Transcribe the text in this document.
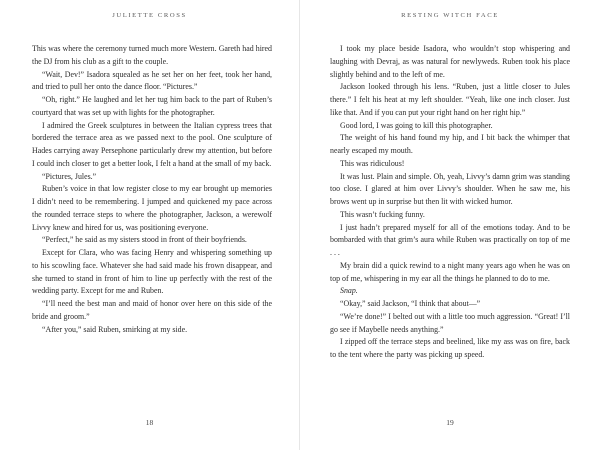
JULIETTE CROSS

This was where the ceremony turned much more Western. Gareth had hired the DJ from his club as a gift to the couple.

“Wait, Dev!” Isadora squealed as he set her on her feet, took her hand, and tried to pull her onto the dance floor. “Pictures.”

“Oh, right.” He laughed and let her tug him back to the part of Ruben’s courtyard that was set up with lights for the photographer.

I admired the Greek sculptures in between the Italian cypress trees that bordered the terrace area as we passed next to the pool. One sculpture of Hades carrying away Persephone particularly drew my attention, but before I could inch closer to get a better look, I felt a hand at the small of my back.

“Pictures, Jules.”

Ruben’s voice in that low register close to my ear brought up memories I didn’t need to be remembering. I jumped and quickened my pace across the rounded terrace steps to where the photographer, Jackson, a werewolf Livvy knew and hired for us, was positioning everyone.

“Perfect,” he said as my sisters stood in front of their boyfriends.

Except for Clara, who was facing Henry and whispering something up to his scowling face. Whatever she had said made his frown disappear, and she turned to stand in front of him to line up perfectly with the rest of the wedding party. Except for me and Ruben.

“I’ll need the best man and maid of honor over here on this side of the bride and groom.”

“After you,” said Ruben, smirking at my side.

18
RESTING WITCH FACE

I took my place beside Isadora, who wouldn’t stop whispering and laughing with Devraj, as was natural for newlyweds. Ruben took his place slightly behind and to the left of me.

Jackson looked through his lens. “Ruben, just a little closer to Jules there.” I felt his heat at my left shoulder. “Yeah, like one inch closer. Just like that. And if you can put your right hand on her right hip.”

Good lord, I was going to kill this photographer.

The weight of his hand found my hip, and I bit back the whimper that nearly escaped my mouth.

This was ridiculous!

It was lust. Plain and simple. Oh, yeah, Livvy’s damn grim was standing too close. I glared at him over Livvy’s shoulder. When he saw me, his brows went up in surprise but then lit with wicked humor.

This wasn’t fucking funny.

I just hadn’t prepared myself for all of the emotions today. And to be bombarded with that grim’s aura while Ruben was practically on top of me . . .

My brain did a quick rewind to a night many years ago when he was on top of me, whispering in my ear all the things he planned to do to me.

Snap.

“Okay,” said Jackson, “I think that about—”

“We’re done!” I belted out with a little too much aggression. “Great! I’ll go see if Maybelle needs anything.”

I zipped off the terrace steps and beelined, like my ass was on fire, back to the tent where the party was picking up speed.

19
